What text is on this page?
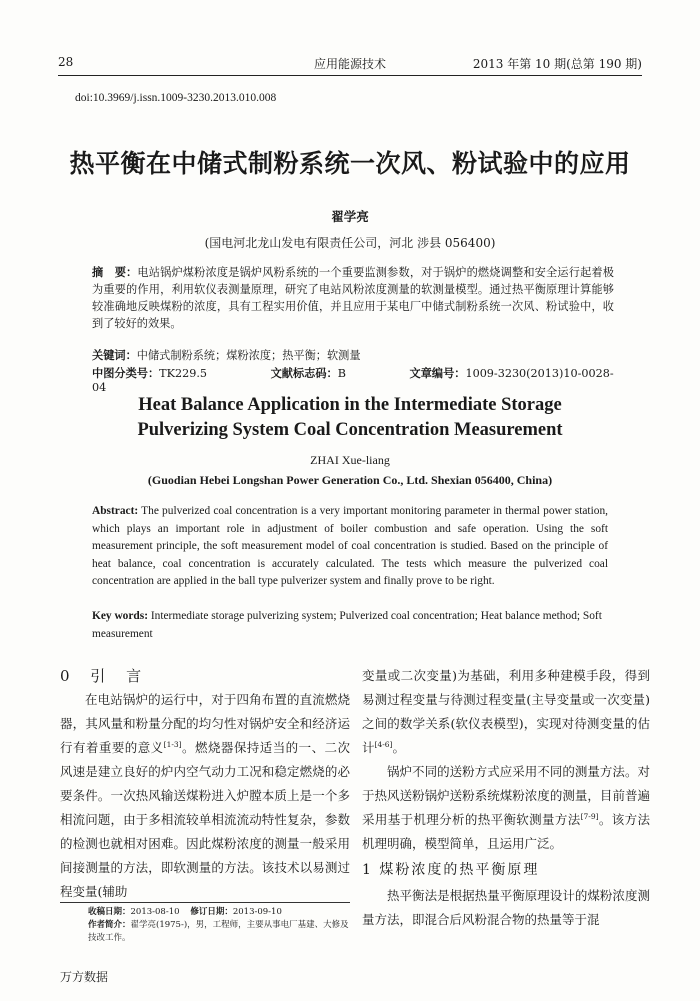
28	应用能源技术	2013 年第 10 期(总第 190 期)
doi:10.3969/j.issn.1009-3230.2013.010.008
热平衡在中储式制粉系统一次风、粉试验中的应用
翟学亮
(国电河北龙山发电有限责任公司，河北 涉县 056400)
摘　要：电站锅炉煤粉浓度是锅炉风粉系统的一个重要监测参数，对于锅炉的燃烧调整和安全运行起着极为重要的作用，利用软仪表测量原理，研究了电站风粉浓度测量的软测量模型。通过热平衡原理计算能够较准确地反映煤粉的浓度，具有工程实用价值，并且应用于某电厂中储式制粉系统一次风、粉试验中，收到了较好的效果。
关键词：中储式制粉系统；煤粉浓度；热平衡；软测量
中图分类号：TK229.5	文献标志码：B	文章编号：1009-3230(2013)10-0028-04
Heat Balance Application in the Intermediate Storage Pulverizing System Coal Concentration Measurement
ZHAI Xue-liang
(Guodian Hebei Longshan Power Generation Co., Ltd. Shexian 056400, China)
Abstract: The pulverized coal concentration is a very important monitoring parameter in thermal power station, which plays an important role in adjustment of boiler combustion and safe operation. Using the soft measurement principle, the soft measurement model of coal concentration is studied. Based on the principle of heat balance, coal concentration is accurately calculated. The tests which measure the pulverized coal concentration are applied in the ball type pulverizer system and finally prove to be right.
Key words: Intermediate storage pulverizing system; Pulverized coal concentration; Heat balance method; Soft measurement
0 引 言

在电站锅炉的运行中，对于四角布置的直流燃烧器，其风量和粉量分配的均匀性对锅炉安全和经济运行有着重要的意义[1-3]。燃烧器保持适当的一、二次风速是建立良好的炉内空气动力工况和稳定燃烧的必要条件。一次热风输送煤粉进入炉膛本质上是一个多相流问题，由于多相流较单相流流动特性复杂，参数的检测也就相对困难。因此煤粉浓度的测量一般采用间接测量的方法，即软测量的方法。该技术以易测过程变量(辅助

变量或二次变量)为基础，利用多种建模手段，得到易测过程变量与待测过程变量(主导变量或一次变量)之间的数学关系(软仪表模型)，实现对待测变量的估计[4-6]。

锅炉不同的送粉方式应采用不同的测量方法。对于热风送粉锅炉送粉系统煤粉浓度的测量，目前普遍采用基于机理分析的热平衡软测量方法[7-9]。该方法机理明确，模型简单，且运用广泛。

1 煤粉浓度的热平衡原理

热平衡法是根据热量平衡原理设计的煤粉浓度测量方法，即混合后风粉混合物的热量等于混

收稿日期：2013-08-10 修订日期：2013-09-10
作者简介：翟学亮(1975-)，男，工程师，主要从事电厂基建、大修及技改工作。
万方数据
